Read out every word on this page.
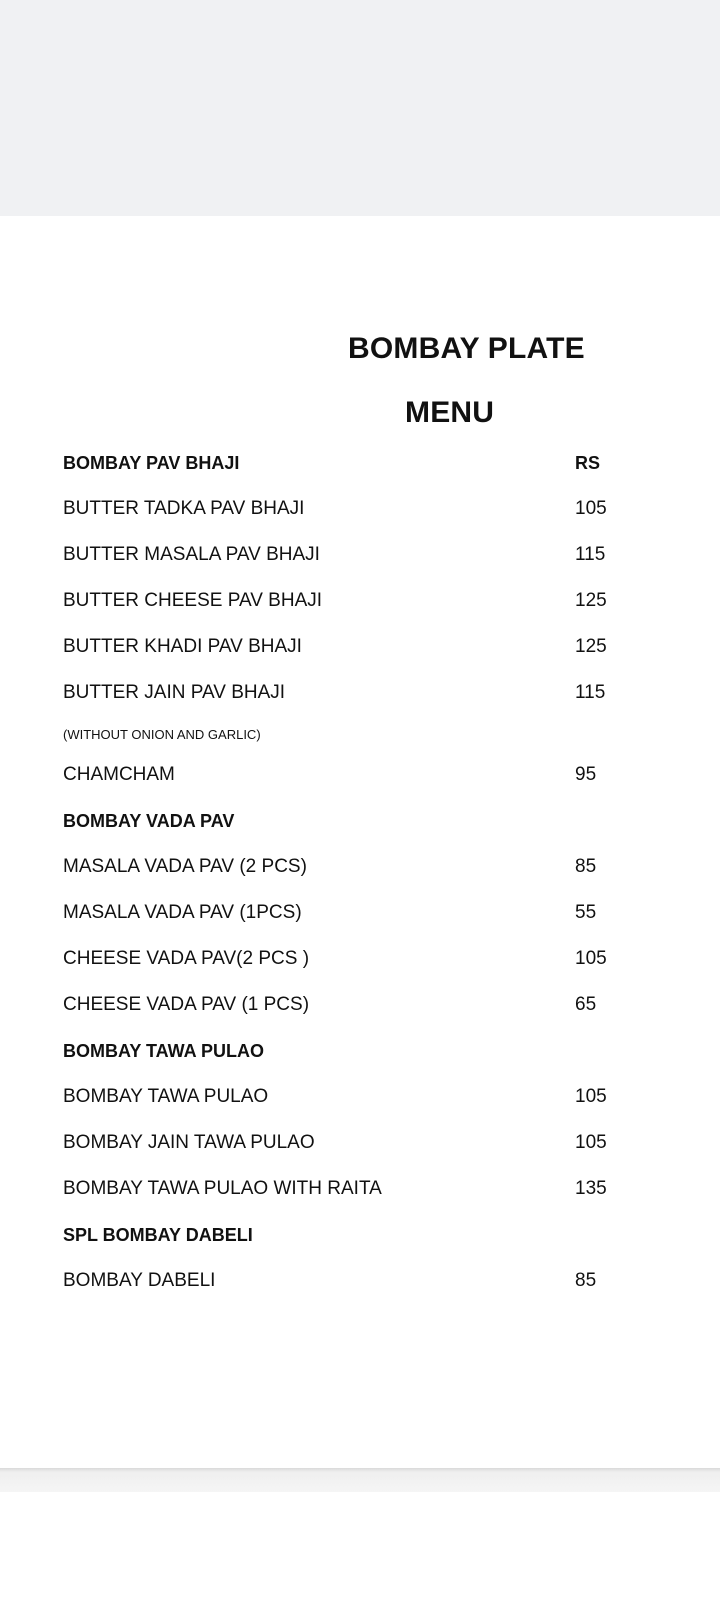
BOMBAY PLATE
MENU
BOMBAY PAV BHAJI	RS
BUTTER TADKA PAV BHAJI	105
BUTTER MASALA PAV BHAJI	115
BUTTER CHEESE PAV BHAJI	125
BUTTER KHADI PAV BHAJI	125
BUTTER JAIN PAV BHAJI	115
(WITHOUT ONION AND GARLIC)
CHAMCHAM	95
BOMBAY VADA PAV
MASALA VADA PAV (2 PCS)	85
MASALA VADA PAV (1PCS)	55
CHEESE VADA PAV(2 PCS )	105
CHEESE VADA PAV (1 PCS)	65
BOMBAY TAWA PULAO
BOMBAY TAWA PULAO	105
BOMBAY JAIN TAWA PULAO	105
BOMBAY TAWA PULAO WITH RAITA	135
SPL BOMBAY DABELI
BOMBAY DABELI	85
